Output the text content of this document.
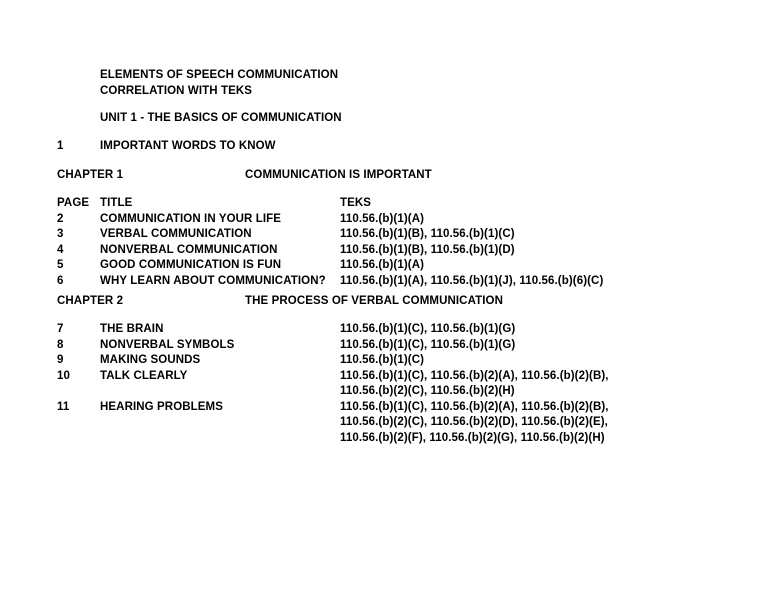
ELEMENTS OF SPEECH COMMUNICATION
CORRELATION WITH TEKS
UNIT 1 - THE BASICS OF COMMUNICATION
1	IMPORTANT WORDS TO KNOW
CHAPTER 1	COMMUNICATION IS IMPORTANT
PAGE TITLE	TEKS
2	COMMUNICATION IN YOUR LIFE	110.56.(b)(1)(A)
3	VERBAL COMMUNICATION	110.56.(b)(1)(B), 110.56.(b)(1)(C)
4	NONVERBAL COMMUNICATION	110.56.(b)(1)(B), 110.56.(b)(1)(D)
5	GOOD COMMUNICATION IS FUN	110.56.(b)(1)(A)
6	WHY LEARN ABOUT COMMUNICATION? 110.56.(b)(1)(A), 110.56.(b)(1)(J), 110.56.(b)(6)(C)
CHAPTER 2	THE PROCESS OF VERBAL COMMUNICATION
7	THE BRAIN	110.56.(b)(1)(C), 110.56.(b)(1)(G)
8	NONVERBAL SYMBOLS	110.56.(b)(1)(C), 110.56.(b)(1)(G)
9	MAKING SOUNDS	110.56.(b)(1)(C)
10	TALK CLEARLY	110.56.(b)(1)(C), 110.56.(b)(2)(A), 110.56.(b)(2)(B),
110.56.(b)(2)(C), 110.56.(b)(2)(H)
11	HEARING PROBLEMS	110.56.(b)(1)(C), 110.56.(b)(2)(A), 110.56.(b)(2)(B),
110.56.(b)(2)(C), 110.56.(b)(2)(D), 110.56.(b)(2)(E),
110.56.(b)(2)(F), 110.56.(b)(2)(G), 110.56.(b)(2)(H)
